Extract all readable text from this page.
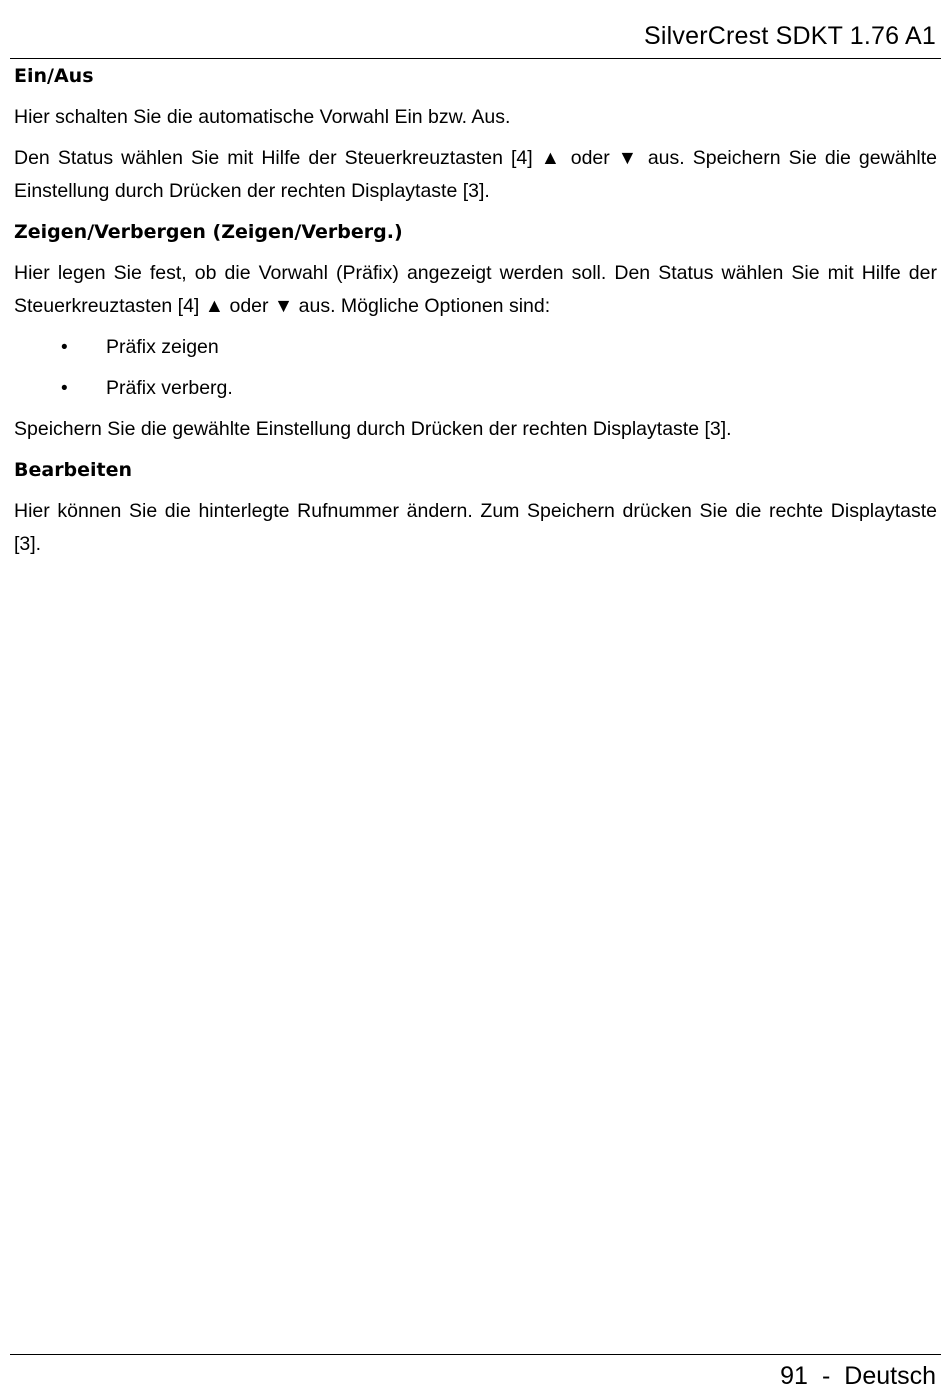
SilverCrest SDKT 1.76 A1
Ein/Aus
Hier schalten Sie die automatische Vorwahl Ein bzw. Aus.
Den Status wählen Sie mit Hilfe der Steuerkreuztasten [4] ▲ oder ▼ aus. Speichern Sie die gewählte Einstellung durch Drücken der rechten Displaytaste [3].
Zeigen/Verbergen (Zeigen/Verberg.)
Hier legen Sie fest, ob die Vorwahl (Präfix) angezeigt werden soll. Den Status wählen Sie mit Hilfe der Steuerkreuztasten [4] ▲ oder ▼ aus. Mögliche Optionen sind:
• Präfix zeigen
• Präfix verberg.
Speichern Sie die gewählte Einstellung durch Drücken der rechten Displaytaste [3].
Bearbeiten
Hier können Sie die hinterlegte Rufnummer ändern. Zum Speichern drücken Sie die rechte Displaytaste [3].
91 - Deutsch
